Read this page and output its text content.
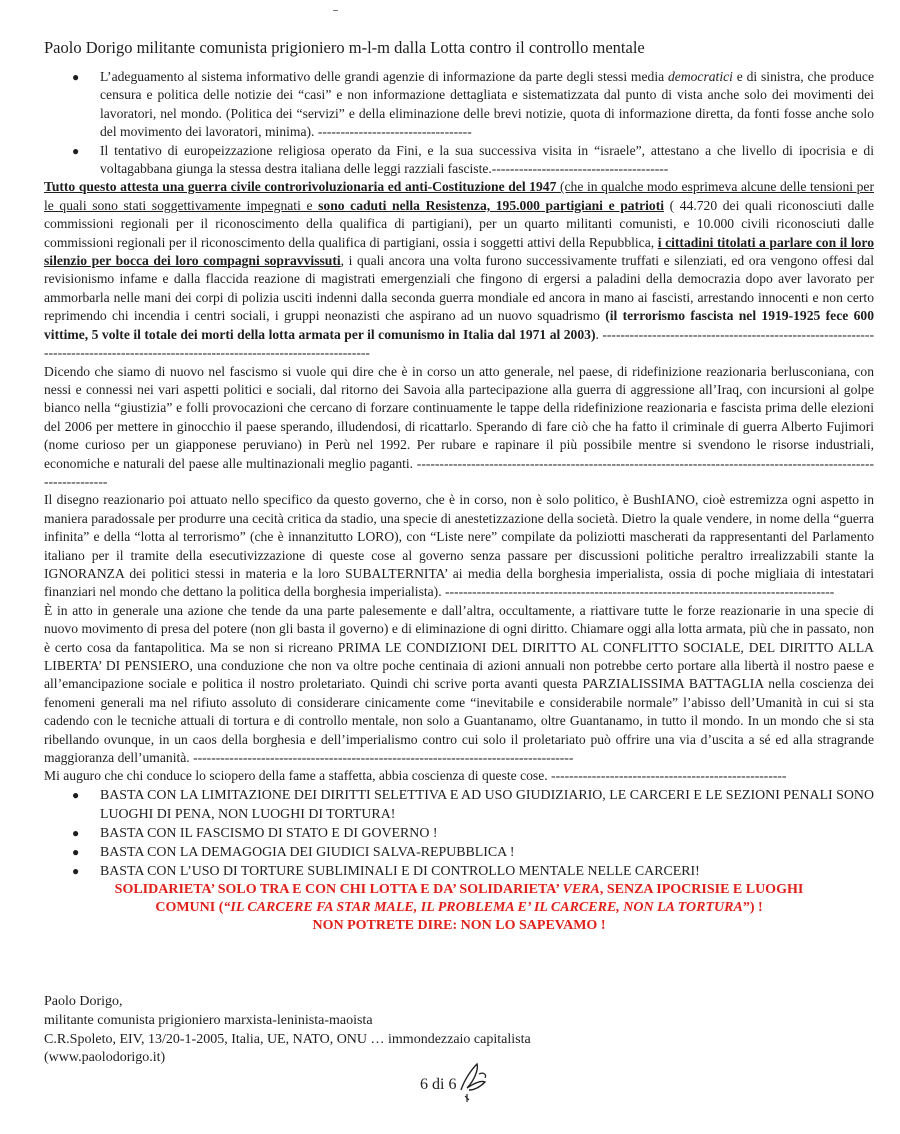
Paolo Dorigo militante comunista prigioniero m-l-m dalla Lotta contro il controllo mentale
● L’adeguamento al sistema informativo delle grandi agenzie di informazione da parte degli stessi media democratici e di sinistra, che produce censura e politica delle notizie dei “casi” e non informazione dettagliata e sistematizzata dal punto di vista anche solo dei movimenti dei lavoratori, nel mondo. (Politica dei “servizi” e della eliminazione delle brevi notizie, quota di informazione diretta, da fonti fosse anche solo del movimento dei lavoratori, minima). ----------------------------------
● Il tentativo di europeizzazione religiosa operato da Fini, e la sua successiva visita in “israele”, attestano a che livello di ipocrisia e di voltagabbana giunga la stessa destra italiana delle leggi razziali fasciste.---------------------------------------

Tutto questo attesta una guerra civile controrivoluzionaria ed anti-Costituzione del 1947 (che in qualche modo esprimeva alcune delle tensioni per le quali sono stati soggettivamente impegnati e sono caduti nella Resistenza, 195.000 partigiani e patrioti ( 44.720 dei quali riconosciuti dalle commissioni regionali per il riconoscimento della qualifica di partigiani), per un quarto militanti comunisti, e 10.000 civili riconosciuti dalle commissioni regionali per il riconoscimento della qualifica di partigiani, ossia i soggetti attivi della Repubblica, i cittadini titolati a parlare con il loro silenzio per bocca dei loro compagni sopravvissuti, i quali ancora una volta furono successivamente truffati e silenziati, ed ora vengono offesi dal revisionismo infame e dalla flaccida reazione di magistrati emergenziali che fingono di ergersi a paladini della democrazia dopo aver lavorato per ammorbarla nelle mani dei corpi di polizia usciti indenni dalla seconda guerra mondiale ed ancora in mano ai fascisti, arrestando innocenti e non certo reprimendo chi incendia i centri sociali, i gruppi neonazisti che aspirano ad un nuovo squadrismo (il terrorismo fascista nel 1919-1925 fece 600 vittime, 5 volte il totale dei morti della lotta armata per il comunismo in Italia dal 1971 al 2003). ------------------------------------------------------------------------------------------------------------------------------------

Dicendo che siamo di nuovo nel fascismo si vuole qui dire che è in corso un atto generale, nel paese, di ridefinizione reazionaria berlusconiana, con nessi e connessi nei vari aspetti politici e sociali, dal ritorno dei Savoia alla partecipazione alla guerra di aggressione all’Iraq, con incursioni al golpe bianco nella “giustizia” e folli provocazioni che cercano di forzare continuamente le tappe della ridefinizione reazionaria e fascista prima delle elezioni del 2006 per mettere in ginocchio il paese sperando, illudendosi, di ricattarlo. Sperando di fare ciò che ha fatto il criminale di guerra Alberto Fujimori (nome curioso per un giapponese peruviano) in Perù nel 1992. Per rubare e rapinare il più possibile mentre si svendono le risorse industriali, economiche e naturali del paese alle multinazionali meglio paganti. -------------------------------------------------------------------------------------------------------------------

Il disegno reazionario poi attuato nello specifico da questo governo, che è in corso, non è solo politico, è BushIANO, cioè estremizza ogni aspetto in maniera paradossale per produrre una cecità critica da stadio, una specie di anestetizzazione della società. Dietro la quale vendere, in nome della “guerra infinita” e della “lotta al terrorismo” (che è innanzitutto LORO), con “Liste nere” compilate da poliziotti mascherati da rappresentanti del Parlamento italiano per il tramite della esecutivizzazione di queste cose al governo senza passare per discussioni politiche peraltro irrealizzabili stante la IGNORANZA dei politici stessi in materia e la loro SUBALTERNITA’ ai media della borghesia imperialista, ossia di poche migliaia di intestatari finanziari nel mondo che dettano la politica della borghesia imperialista). --------------------------------------------------------------------------------------

È in atto in generale una azione che tende da una parte palesemente e dall’altra, occultamente, a riattivare tutte le forze reazionarie in una specie di nuovo movimento di presa del potere (non gli basta il governo) e di eliminazione di ogni diritto. Chiamare oggi alla lotta armata, più che in passato, non è certo cosa da fantapolitica. Ma se non si ricreano PRIMA LE CONDIZIONI DEL DIRITTO AL CONFLITTO SOCIALE, DEL DIRITTO ALLA LIBERTA’ DI PENSIERO, una conduzione che non va oltre poche centinaia di azioni annuali non potrebbe certo portare alla libertà il nostro paese e all’emancipazione sociale e politica il nostro proletariato. Quindi chi scrive porta avanti questa PARZIALISSIMA BATTAGLIA nella coscienza dei fenomeni generali ma nel rifiuto assoluto di considerare cinicamente come “inevitabile e considerabile normale” l’abisso dell’Umanità in cui si sta cadendo con le tecniche attuali di tortura e di controllo mentale, non solo a Guantanamo, oltre Guantanamo, in tutto il mondo. In un mondo che si sta ribellando ovunque, in un caos della borghesia e dell’imperialismo contro cui solo il proletariato può offrire una via d’uscita a sé ed alla stragrande maggioranza dell’umanità. ------------------------------------------------------------------------------------

Mi auguro che chi conduce lo sciopero della fame a staffetta, abbia coscienza di queste cose. ----------------------------------------------------

● BASTA CON LA LIMITAZIONE DEI DIRITTI SELETTIVA E AD USO GIUDIZIARIO, LE CARCERI E LE SEZIONI PENALI SONO LUOGHI DI PENA, NON LUOGHI DI TORTURA!
● BASTA CON IL FASCISMO DI STATO E DI GOVERNO !
● BASTA CON LA DEMAGOGIA DEI GIUDICI SALVA-REPUBBLICA !
● BASTA CON L’USO DI TORTURE SUBLIMINALI E DI CONTROLLO MENTALE NELLE CARCERI!
SOLIDARIETA’ SOLO TRA E CON CHI LOTTA E DA’ SOLIDARIETA’ VERA, SENZA IPOCRISIE E LUOGHI
COMUNI (“IL CARCERE FA STAR MALE, IL PROBLEMA E’ IL CARCERE, NON LA TORTURA”) !
NON POTRETE DIRE: NON LO SAPEVAMO !
Paolo Dorigo,
militante comunista prigioniero marxista-leninista-maoista
C.R.Spoleto, EIV, 13/20-1-2005, Italia, UE, NATO, ONU … immondezzaio capitalista
(www.paolodorigo.it)
6 di 6
